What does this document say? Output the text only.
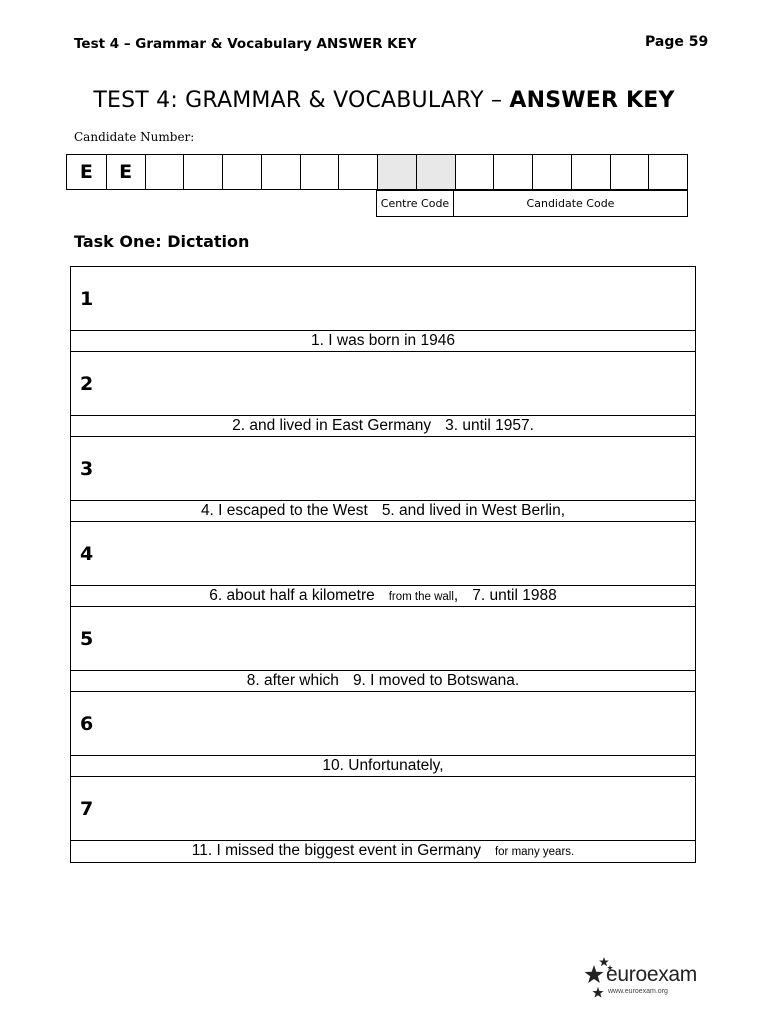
Test 4 – Grammar & Vocabulary ANSWER KEY	Page 59
TEST 4: GRAMMAR & VOCABULARY – ANSWER KEY
Candidate Number:
E	E
Centre Code	Candidate Code
Task One: Dictation
1
1. I was born in 1946
2
2. and lived in East Germany 3. until 1957.
3
4. I escaped to the West 5. and lived in West Berlin,
4
6. about half a kilometre from the wall, 7. until 1988
5
8. after which 9. I moved to Botswana.
6
10. Unfortunately,
7
11. I missed the biggest event in Germany for many years.
euroexam
www.euroexam.org
